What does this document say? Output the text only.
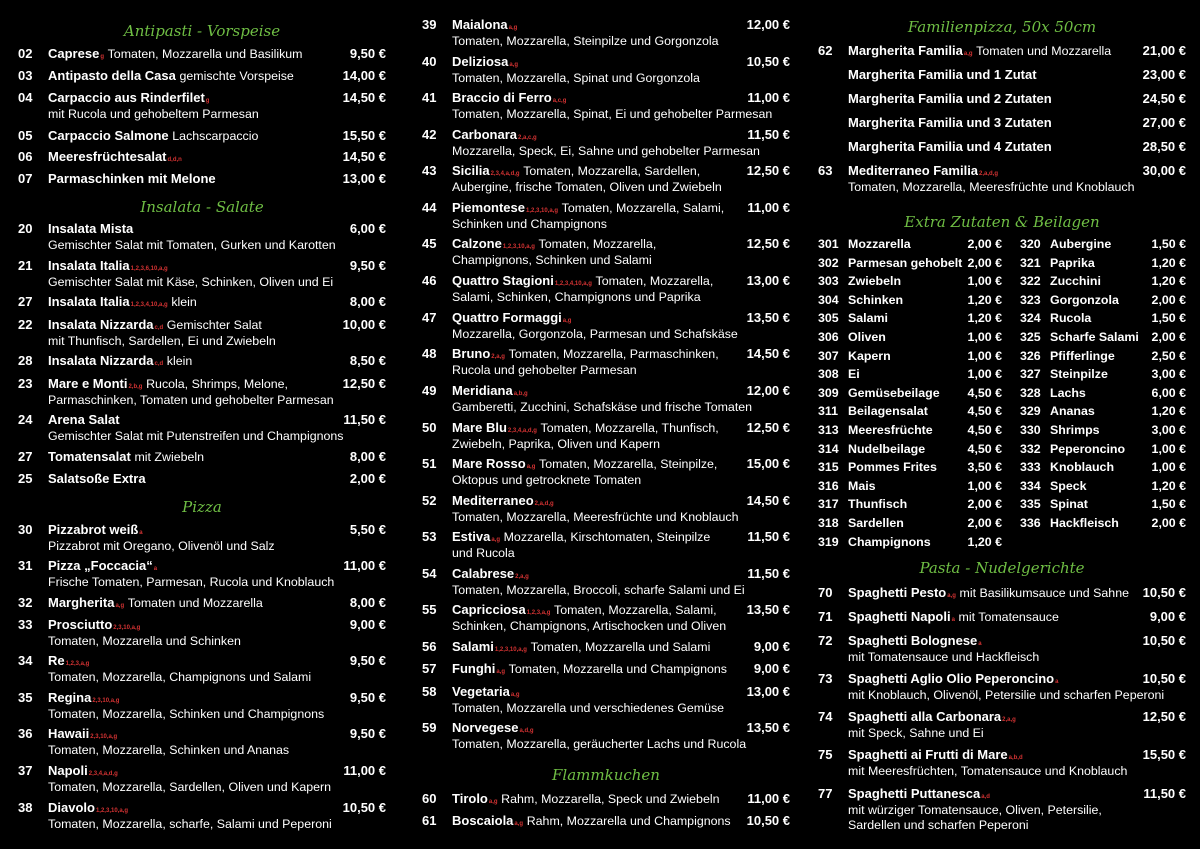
Antipasti - Vorspeise
02 Capreseg Tomaten, Mozzarella und Basilikum	9,50 €
03 Antipasto della Casa gemischte Vorspeise	14,00 €
04 Carpaccio aus Rinderfiletg	14,50 €
mit Rucola und gehobeltem Parmesan
05 Carpaccio Salmone Lachscarpaccio	15,50 €
06 Meeresfrüchtesalatd,d,n	14,50 €
07 Parmaschinken mit Melone	13,00 €
Insalata - Salate
20 Insalata Mista	6,00 €
Gemischter Salat mit Tomaten, Gurken und Karotten
21 Insalata Italia1,2,3,6,10,a,g	9,50 €
Gemischter Salat mit Käse, Schinken, Oliven und Ei
27 Insalata Italia1,2,3,4,10,a,g klein	8,00 €
22 Insalata Nizzardac,d Gemischter Salat	10,00 €
mit Thunfisch, Sardellen, Ei und Zwiebeln
28 Insalata Nizzardac,d klein	8,50 €
23 Mare e Monti2,b,g Rucola, Shrimps, Melone,	12,50 €
Parmaschinken, Tomaten und gehobelter Parmesan
24 Arena Salat	11,50 €
Gemischter Salat mit Putenstreifen und Champignons
27 Tomatensalat mit Zwiebeln	8,00 €
25 Salatsoße Extra	2,00 €
Pizza
30 Pizzabrot weißa	5,50 €
Pizzabrot mit Oregano, Olivenöl und Salz
31 Pizza „Foccacia“a	11,00 €
Frische Tomaten, Parmesan, Rucola und Knoblauch
32 Margheritaa,g Tomaten und Mozzarella	8,00 €
33 Prosciutto2,3,10,a,g	9,00 €
Tomaten, Mozzarella und Schinken
34 Re1,2,3,a,g	9,50 €
Tomaten, Mozzarella, Champignons und Salami
35 Regina2,3,10,a,g	9,50 €
Tomaten, Mozzarella, Schinken und Champignons
36 Hawaii2,3,10,a,g	9,50 €
Tomaten, Mozzarella, Schinken und Ananas
37 Napoli2,3,4,a,d,g	11,00 €
Tomaten, Mozzarella, Sardellen, Oliven und Kapern
38 Diavolo1,2,3,10,a,g	10,50 €
Tomaten, Mozzarella, scharfe, Salami und Peperoni
39 Maialonaa,g	12,00 €
Tomaten, Mozzarella, Steinpilze und Gorgonzola
40 Deliziosaa,g	10,50 €
Tomaten, Mozzarella, Spinat und Gorgonzola
41 Braccio di Ferroa,c,g	11,00 €
Tomaten, Mozzarella, Spinat, Ei und gehobelter Parmesan
42 Carbonara2,a,c,g	11,50 €
Mozzarella, Speck, Ei, Sahne und gehobelter Parmesan
43 Sicilia2,3,4,a,d,g Tomaten, Mozzarella, Sardellen,	12,50 €
Aubergine, frische Tomaten, Oliven und Zwiebeln
44 Piemontese1,2,3,10,a,g Tomaten, Mozzarella, Salami, 11,00 €
Schinken und Champignons
45 Calzone1,2,3,10,a,g Tomaten, Mozzarella,	12,50 €
Champignons, Schinken und Salami
46 Quattro Stagioni1,2,3,4,10,a,g Tomaten, Mozzarella,	13,00 €
Salami, Schinken, Champignons und Paprika
47 Quattro Formaggia,g	13,50 €
Mozzarella, Gorgonzola, Parmesan und Schafskäse
48 Bruno2,a,g Tomaten, Mozzarella, Parmaschinken, 14,50 €
Rucola und gehobelter Parmesan
49 Meridianaa,b,g	12,00 €
Gamberetti, Zucchini, Schafskäse und frische Tomaten
50 Mare Blu2,3,4,a,d,g Tomaten, Mozzarella, Thunfisch, 12,50 €
Zwiebeln, Paprika, Oliven und Kapern
51 Mare Rossoa,g Tomaten, Mozzarella, Steinpilze, 15,00 €
Oktopus und getrocknete Tomaten
52 Mediterraneo2,a,d,g	14,50 €
Tomaten, Mozzarella, Meeresfrüchte und Knoblauch
53 Estivaa,g Mozzarella, Kirschtomaten, Steinpilze	11,50 €
und Rucola
54 Calabrese2,a,g	11,50 €
Tomaten, Mozzarella, Broccoli, scharfe Salami und Ei
55 Capricciosa1,2,3,a,g Tomaten, Mozzarella, Salami, 13,50 €
Schinken, Champignons, Artischocken und Oliven
56 Salami1,2,3,10,a,g Tomaten, Mozzarella und Salami	9,00 €
57 Funghia,g Tomaten, Mozzarella und Champignons 9,00 €
58 Vegetariaa,g	13,00 €
Tomaten, Mozzarella und verschiedenes Gemüse
59 Norvegesea,d,g	13,50 €
Tomaten, Mozzarella, geräucherter Lachs und Rucola
Flammkuchen
60 Tiroloa,g Rahm, Mozzarella, Speck und Zwiebeln 11,00 €
61 Boscaiolaa,g Rahm, Mozzarella und Champignons 10,50 €
Familienpizza, 50x 50cm
62 Margherita Familiaa,g Tomaten und Mozzarella 21,00 €
Margherita Familia und 1 Zutat	23,00 €
Margherita Familia und 2 Zutaten	24,50 €
Margherita Familia und 3 Zutaten	27,00 €
Margherita Familia und 4 Zutaten	28,50 €
63 Mediterraneo Familia2,a,d,g	30,00 €
Tomaten, Mozzarella, Meeresfrüchte und Knoblauch
Extra Zutaten & Beilagen
301 Mozzarella	2,00 €
302 Parmesan gehobelt 2,00 €
303 Zwiebeln	1,00 €
304 Schinken	1,20 €
305 Salami	1,20 €
306 Oliven	1,00 €
307 Kapern	1,00 €
308 Ei	1,00 €
309 Gemüsebeilage 4,50 €
311 Beilagensalat	4,50 €
313 Meeresfrüchte	4,50 €
314 Nudelbeilage	4,50 €
315 Pommes Frites 3,50 €
316 Mais	1,00 €
317 Thunfisch	2,00 €
318 Sardellen	2,00 €
319 Champignons	1,20 €
320 Aubergine	1,50 €
321 Paprika	1,20 €
322 Zucchini	1,20 €
323 Gorgonzola	2,00 €
324 Rucola	1,50 €
325 Scharfe Salami 2,00 €
326 Pfifferlinge	2,50 €
327 Steinpilze	3,00 €
328 Lachs	6,00 €
329 Ananas	1,20 €
330 Shrimps	3,00 €
332 Peperoncino 1,00 €
333 Knoblauch	1,00 €
334 Speck	1,20 €
335 Spinat	1,50 €
336 Hackfleisch	2,00 €
Pasta - Nudelgerichte
70 Spaghetti Pestoa,g mit Basilikumsauce und Sahne 10,50 €
71 Spaghetti Napolia mit Tomatensauce	9,00 €
72 Spaghetti Bolognesea	10,50 €
mit Tomatensauce und Hackfleisch
73 Spaghetti Aglio Olio Peperoncinoa	10,50 €
mit Knoblauch, Olivenöl, Petersilie und scharfen Peperoni
74 Spaghetti alla Carbonara2,a,g	12,50 €
mit Speck, Sahne und Ei
75 Spaghetti ai Frutti di Marea,b,d	15,50 €
mit Meeresfrüchten, Tomatensauce und Knoblauch
77 Spaghetti Puttanescaa,d	11,50 €
mit würziger Tomatensauce, Oliven, Petersilie,
Sardellen und scharfen Peperoni
